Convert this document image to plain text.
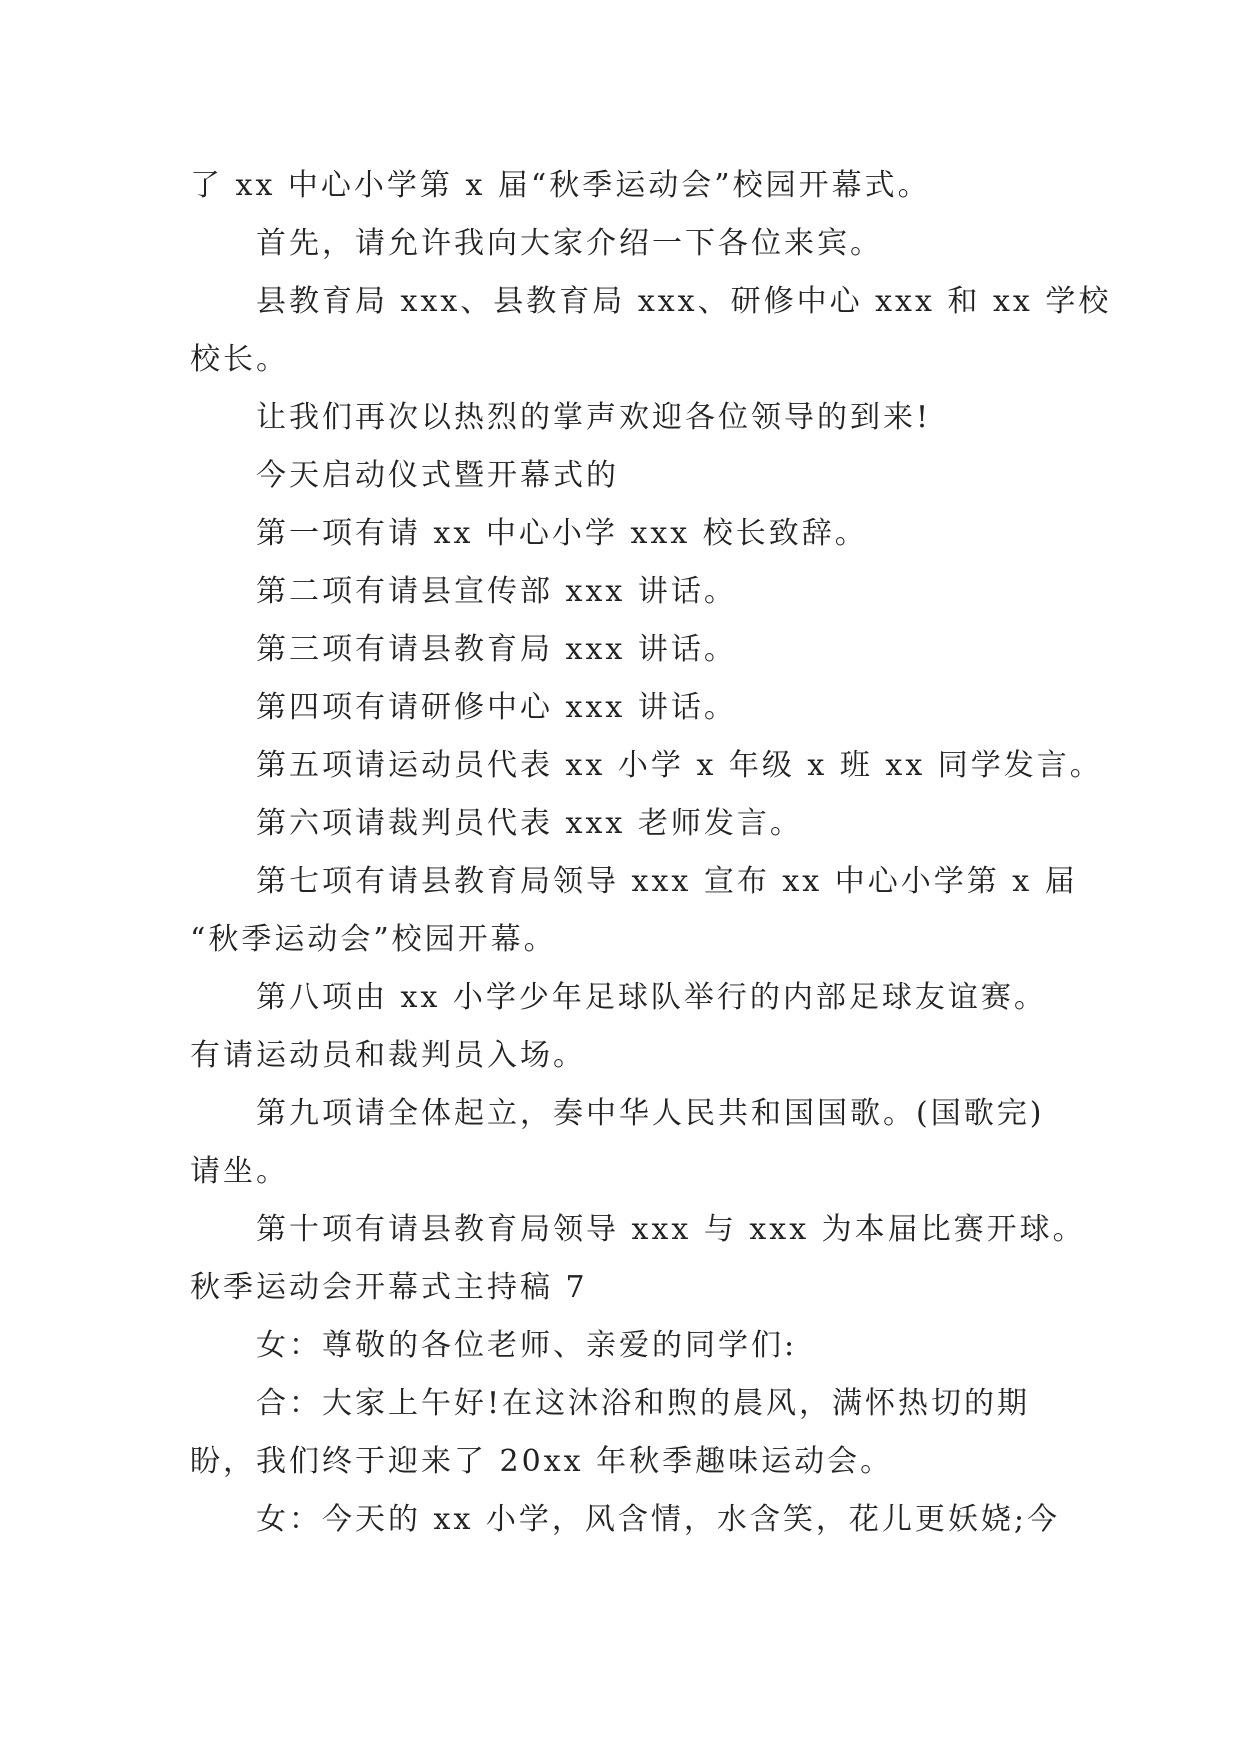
了 xx 中心小学第 x 届“秋季运动会”校园开幕式。
首先，请允许我向大家介绍一下各位来宾。
县教育局 xxx、县教育局 xxx、研修中心 xxx 和 xx 学校
校长。
让我们再次以热烈的掌声欢迎各位领导的到来!
今天启动仪式暨开幕式的
第一项有请 xx 中心小学 xxx 校长致辞。
第二项有请县宣传部 xxx 讲话。
第三项有请县教育局 xxx 讲话。
第四项有请研修中心 xxx 讲话。
第五项请运动员代表 xx 小学 x 年级 x 班 xx 同学发言。
第六项请裁判员代表 xxx 老师发言。
第七项有请县教育局领导 xxx 宣布 xx 中心小学第 x 届
“秋季运动会”校园开幕。
第八项由 xx 小学少年足球队举行的内部足球友谊赛。
有请运动员和裁判员入场。
第九项请全体起立，奏中华人民共和国国歌。(国歌完)
请坐。
第十项有请县教育局领导 xxx 与 xxx 为本届比赛开球。
秋季运动会开幕式主持稿 7
女：尊敬的各位老师、亲爱的同学们:
合：大家上午好!在这沐浴和煦的晨风，满怀热切的期
盼，我们终于迎来了 20xx 年秋季趣味运动会。
女：今天的 xx 小学，风含情，水含笑，花儿更妖娆;今
